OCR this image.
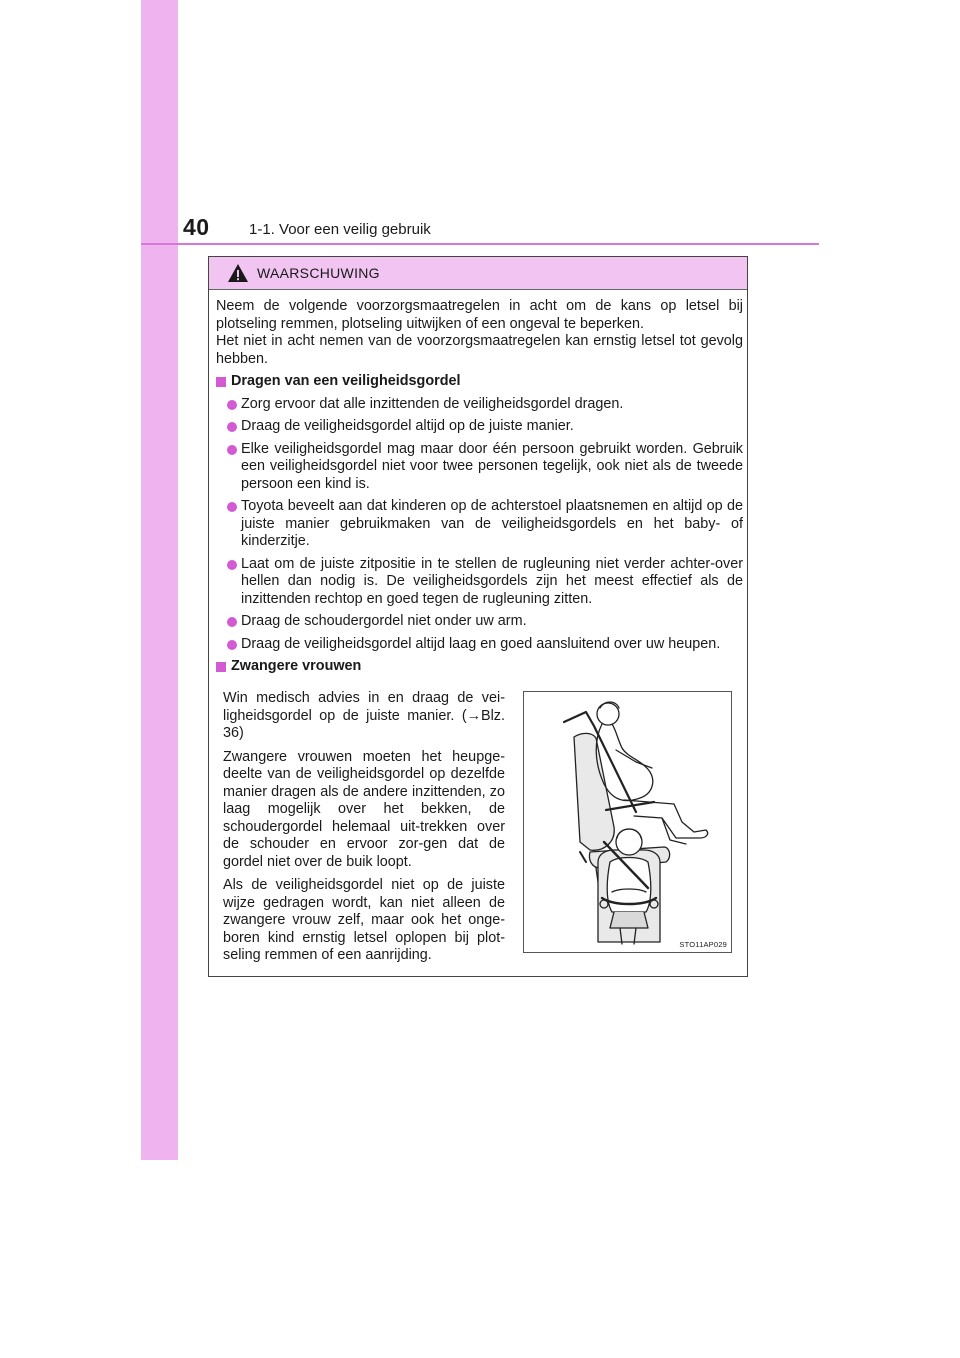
40	1-1. Voor een veilig gebruik
WAARSCHUWING

Neem de volgende voorzorgsmaatregelen in acht om de kans op letsel bij plotseling remmen, plotseling uitwijken of een ongeval te beperken.

Het niet in acht nemen van de voorzorgsmaatregelen kan ernstig letsel tot gevolg hebben.

Dragen van een veiligheidsgordel
Zorg ervoor dat alle inzittenden de veiligheidsgordel dragen.
Draag de veiligheidsgordel altijd op de juiste manier.
Elke veiligheidsgordel mag maar door één persoon gebruikt worden. Gebruik een veiligheidsgordel niet voor twee personen tegelijk, ook niet als de tweede persoon een kind is.
Toyota beveelt aan dat kinderen op de achterstoel plaatsnemen en altijd op de juiste manier gebruikmaken van de veiligheidsgordels en het baby- of kinderzitje.
Laat om de juiste zitpositie in te stellen de rugleuning niet verder achter-over hellen dan nodig is. De veiligheidsgordels zijn het meest effectief als de inzittenden rechtop en goed tegen de rugleuning zitten.
Draag de schoudergordel niet onder uw arm.
Draag de veiligheidsgordel altijd laag en goed aansluitend over uw heupen.
Zwangere vrouwen

Win medisch advies in en draag de vei-ligheidsgordel op de juiste manier. (→Blz. 36)

Zwangere vrouwen moeten het heupge-deelte van de veiligheidsgordel op dezelfde manier dragen als de andere inzittenden, zo laag mogelijk over het bekken, de schoudergordel helemaal uit-trekken over de schouder en ervoor zor-gen dat de gordel niet over de buik loopt.

Als de veiligheidsgordel niet op de juiste wijze gedragen wordt, kan niet alleen de zwangere vrouw zelf, maar ook het onge-boren kind ernstig letsel oplopen bij plot-seling remmen of een aanrijding.

STO11AP029
